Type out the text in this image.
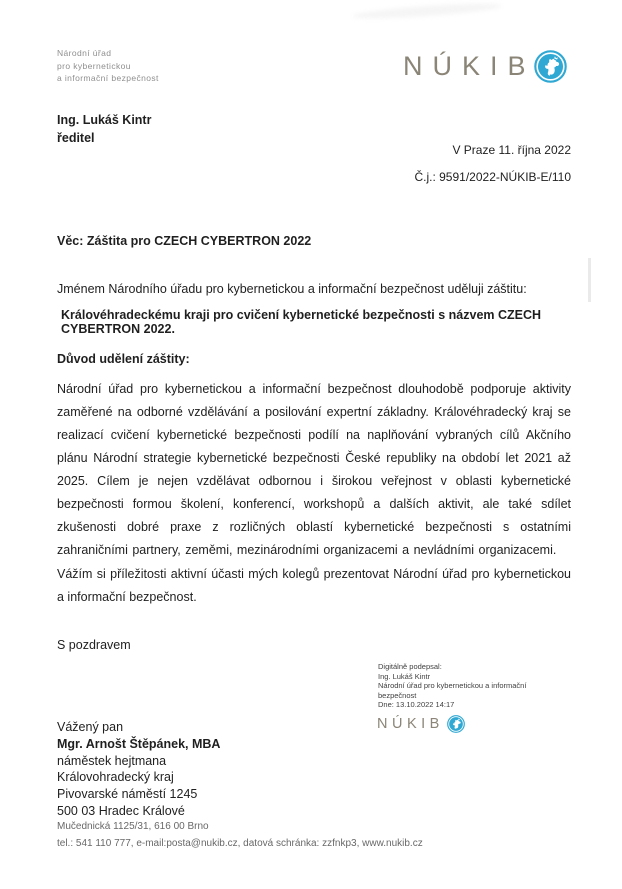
Národní úřad
pro kybernetickou
a informační bezpečnost	NÚKIB
Ing. Lukáš Kintr
ředitel
V Praze 11. října 2022
Č.j.: 9591/2022-NÚKIB-E/110
Věc: Záštita pro CZECH CYBERTRON 2022
Jménem Národního úřadu pro kybernetickou a informační bezpečnost uděluji záštitu:
Královéhradeckému kraji pro cvičení kybernetické bezpečnosti s názvem CZECH CYBERTRON 2022.
Důvod udělení záštity:

Národní úřad pro kybernetickou a informační bezpečnost dlouhodobě podporuje aktivity zaměřené na odborné vzdělávání a posilování expertní základny. Královéhradecký kraj se realizací cvičení kybernetické bezpečnosti podílí na naplňování vybraných cílů Akčního plánu Národní strategie kybernetické bezpečnosti České republiky na období let 2021 až 2025. Cílem je nejen vzdělávat odbornou i širokou veřejnost v oblasti kybernetické bezpečnosti formou školení, konferencí, workshopů a dalších aktivit, ale také sdílet zkušenosti dobré praxe z rozličných oblastí kybernetické bezpečnosti s ostatními zahraničními partnery, zeměmi, mezinárodními organizacemi a nevládními organizacemi.

Vážím si příležitosti aktivní účasti mých kolegů prezentovat Národní úřad pro kybernetickou a informační bezpečnost.

S pozdravem
Digitálně podepsal:
Ing. Lukáš Kintr
Národní úřad pro kybernetickou a informační
bezpečnost
Dne: 13.10.2022 14:17
NÚKIB
Vážený pan
Mgr. Arnošt Štěpánek, MBA
náměstek hejtmana
Královohradecký kraj
Pivovarské náměstí 1245
500 03 Hradec Králové
Mučednická 1125/31, 616 00 Brno
tel.: 541 110 777, e-mail:posta@nukib.cz, datová schránka: zzfnkp3, www.nukib.cz
